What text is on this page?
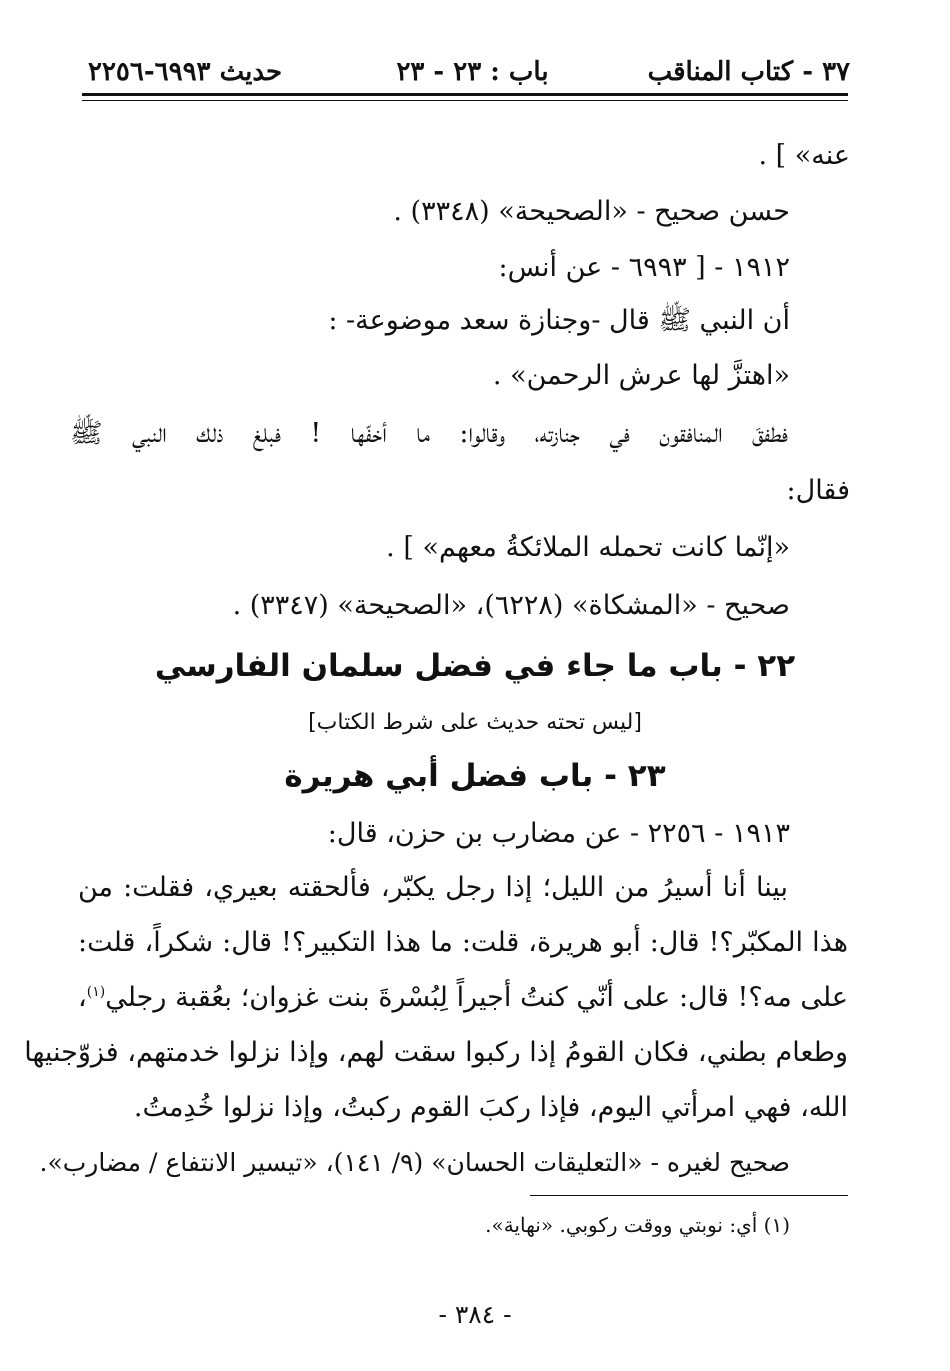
٣٧ - كتاب المناقب
باب : ٢٣ - ٢٣
حديث ٦٩٩٣-٢٢٥٦
عنه» ] .
حسن صحيح - «الصحيحة» (٣٣٤٨) .
١٩١٢ - [ ٦٩٩٣ - عن أنس:
أن النبي ﷺ قال -وجنازة سعد موضوعة- :
«اهتزَّ لها عرش الرحمن» .
فطفقَ المنافقون في جنازته، وقالوا: ما أخفّها ! فبلغ ذلك النبي ﷺ
فقال:
«إنّما كانت تحمله الملائكةُ معهم» ] .
صحيح - «المشكاة» (٦٢٢٨)، «الصحيحة» (٣٣٤٧) .
٢٢ - باب ما جاء في فضل سلمان الفارسي
[ليس تحته حديث على شرط الكتاب]
٢٣ - باب فضل أبي هريرة
١٩١٣ - ٢٢٥٦ - عن مضارب بن حزن، قال:
بينا أنا أسيرُ من الليل؛ إذا رجل يكبّر، فألحقته بعيري، فقلت: من
هذا المكبّر؟! قال: أبو هريرة، قلت: ما هذا التكبير؟! قال: شكراً، قلت:
على مه؟! قال: على أنّي كنتُ أجيراً لِبُسْرةَ بنت غزوان؛ بعُقبة رجلي$^{(١)}$،
وطعام بطني، فكان القومُ إذا ركبوا سقت لهم، وإذا نزلوا خدمتهم، فزوّجنيها
الله، فهي امرأتي اليوم، فإذا ركبَ القوم ركبتُ، وإذا نزلوا خُدِمتُ.
صحيح لغيره - «التعليقات الحسان» (٩/ ١٤١)، «تيسير الانتفاع / مضارب».
(١) أي: نوبتي ووقت ركوبي. «نهاية».
- ٣٨٤ -
